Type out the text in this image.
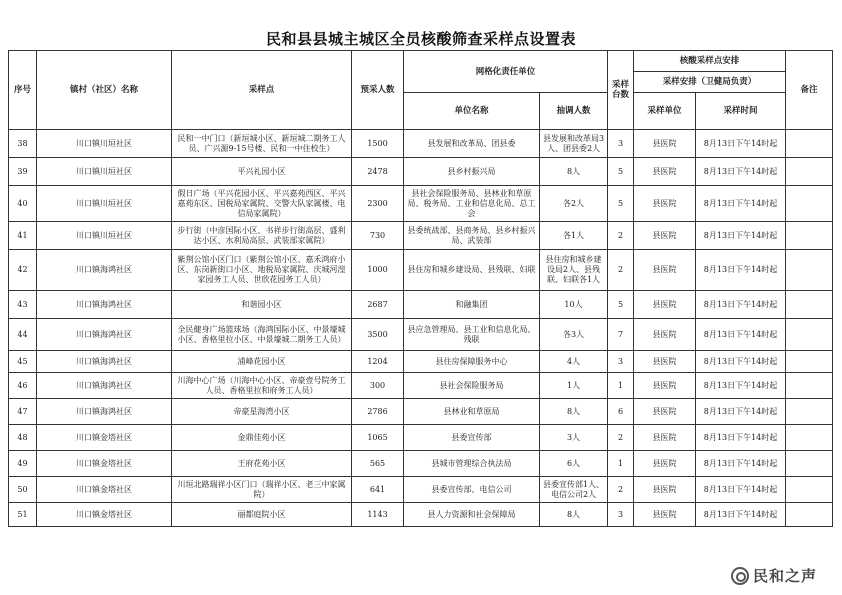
民和县县城主城区全员核酸筛查采样点设置表
序号	镇村（社区）名称	采样点	预采人数	网格化责任单位		采样台数	核酸采样点安排		备注
							采样安排（卫健局负责）		
				单位名称	抽调人数		采样单位	采样时间	
38	川口镇川垣社区	民和一中门口（新垣城小区、新垣城二期务工人员、广兴源9-15号楼、民和一中住校生）	1500	县发展和改革局、团县委	县发展和改革局3人、团县委2人	3	县医院	8月13日下午14时起	
39	川口镇川垣社区	平兴礼园小区	2478	县乡村振兴局	8人	5	县医院	8月13日下午14时起	
40	川口镇川垣社区	假日广场（平兴花园小区、平兴嘉苑西区、平兴嘉苑东区、国税局家属院、交警大队家属楼、电信局家属院）	2300	县社会保险服务局、县林业和草原局、税务局、工业和信息化局、总工会	各2人	5	县医院	8月13日下午14时起	
41	川口镇川垣社区	步行街（中彦国际小区、书祥步行街高层、盛利达小区、水利局高层、武装部家属院）	730	县委统战部、县商务局、县乡村振兴局、武装部	各1人	2	县医院	8月13日下午14时起	
42	川口镇海鸿社区	紫荆公馆小区门口（紫荆公馆小区、嘉禾鸿府小区、东岗新街口小区、地税局家属院、庆城河湟家园务工人员、世欣花园务工人员）	1000	县住房和城乡建设局、县残联、妇联	县住房和城乡建设局2人、县残联、妇联各1人	2	县医院	8月13日下午14时起	
43	川口镇海鸿社区	和谐园小区	2687	和融集团	10人	5	县医院	8月13日下午14时起	
44	川口镇海鸿社区	全民健身广场篮球场（海鸿国际小区、中景壕城小区、香格里拉小区、中景壕城二期务工人员）	3500	县应急管理局、县工业和信息化局、残联	各3人	7	县医院	8月13日下午14时起	
45	川口镇海鸿社区	浦峰花园小区	1204	县住房保障服务中心	4人	3	县医院	8月13日下午14时起	
46	川口镇海鸿社区	川海中心广场（川海中心小区、帝豪壹号院务工人员、香格里拉和府务工人员）	300	县社会保险服务局	1人	1	县医院	8月13日下午14时起	
47	川口镇海鸿社区	帝豪星海湾小区	2786	县林业和草原局	8人	6	县医院	8月13日下午14时起	
48	川口镇金塔社区	金鼎佳苑小区	1065	县委宣传部	3人	2	县医院	8月13日下午14时起	
49	川口镇金塔社区	王府花苑小区	565	县城市管理综合执法局	6人	1	县医院	8月13日下午14时起	
50	川口镇金塔社区	川垣北路瑞祥小区门口（瑞祥小区、老三中家属院）	641	县委宣传部、电信公司	县委宣传部1人、电信公司2人	2	县医院	8月13日下午14时起	
51	川口镇金塔社区	丽都庭院小区	1143	县人力资源和社会保障局	8人	3	县医院	8月13日下午14时起	
民和之声
